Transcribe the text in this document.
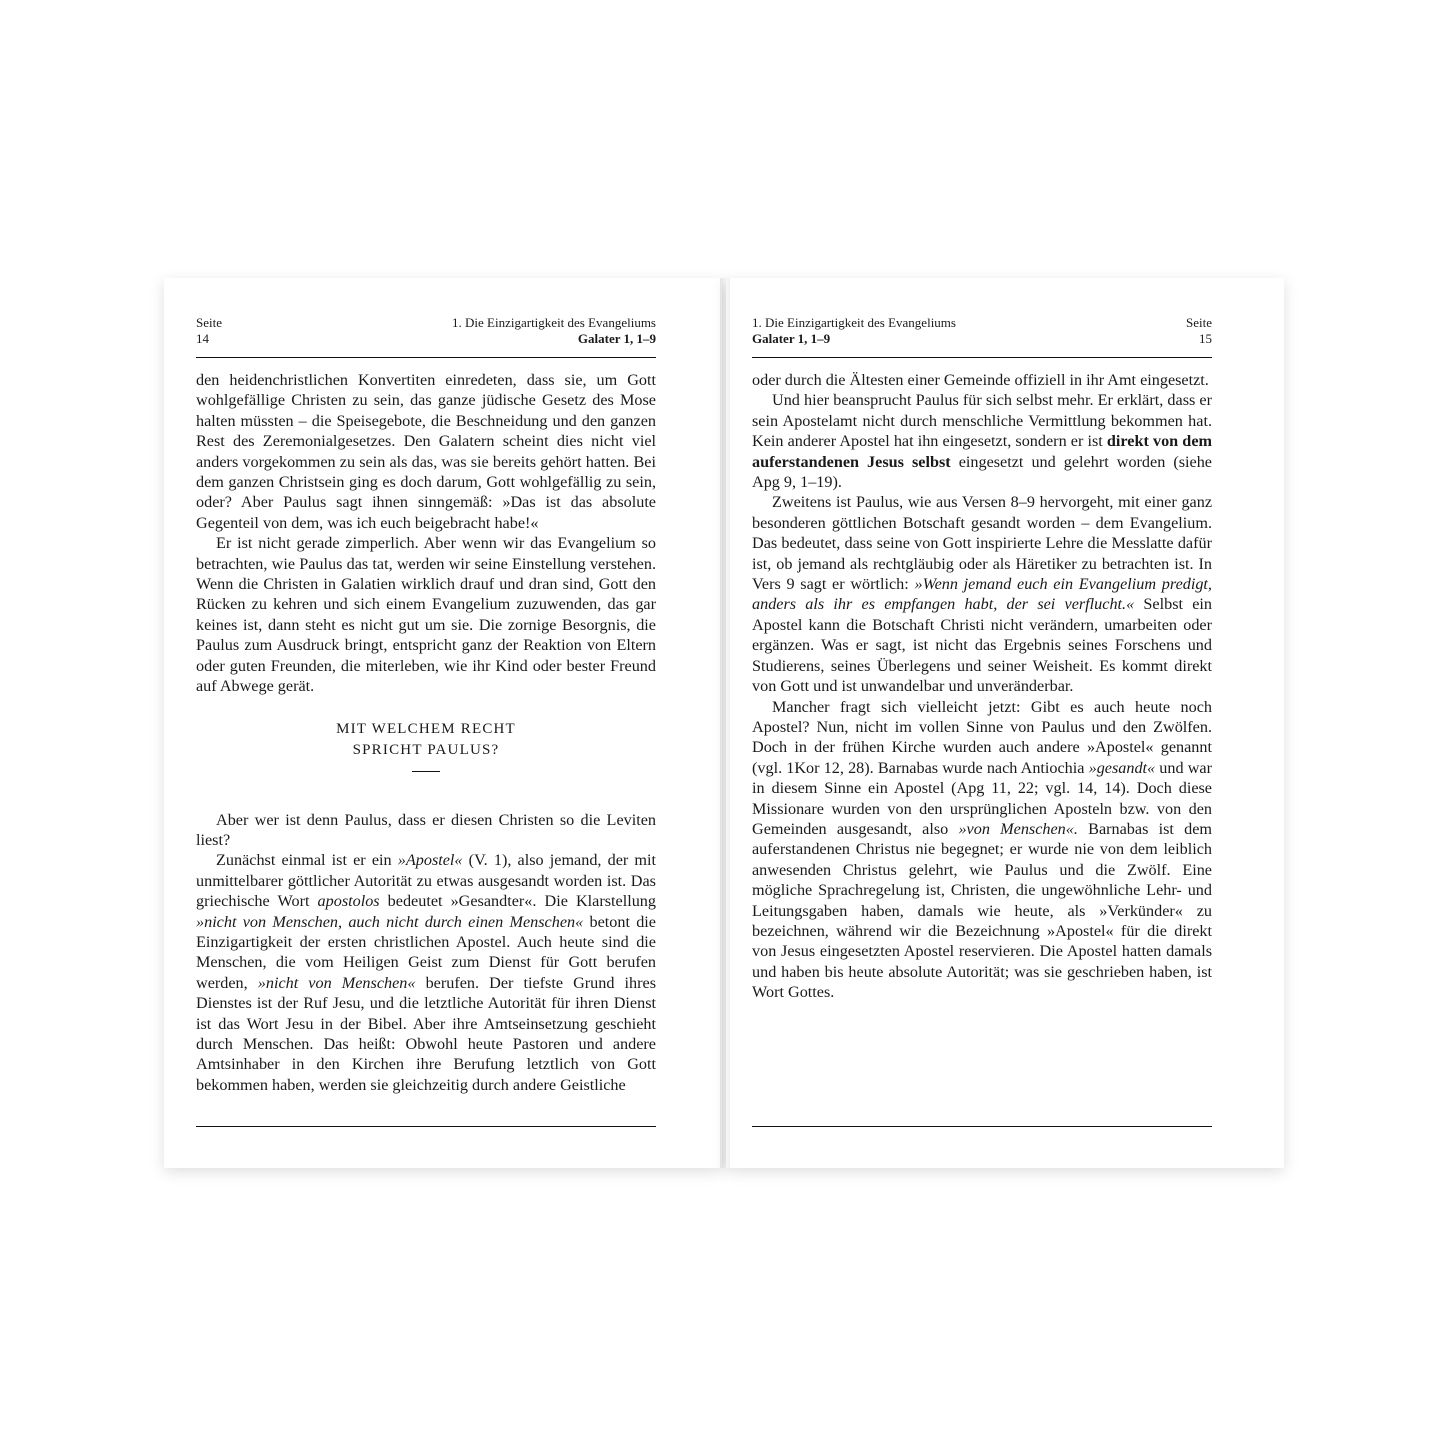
Seite
14
1. Die Einzigartigkeit des Evangeliums
Galater 1, 1–9

den heidenchristlichen Konvertiten einredeten, dass sie, um Gott wohlgefällige Christen zu sein, das ganze jüdische Gesetz des Mose halten müssten – die Speisegebote, die Beschneidung und den ganzen Rest des Zeremonialgesetzes. Den Galatern scheint dies nicht viel anders vorgekommen zu sein als das, was sie bereits gehört hatten. Bei dem ganzen Christsein ging es doch darum, Gott wohlgefällig zu sein, oder? Aber Paulus sagt ihnen sinngemäß: »Das ist das absolute Gegenteil von dem, was ich euch beigebracht habe!«

Er ist nicht gerade zimperlich. Aber wenn wir das Evangelium so betrachten, wie Paulus das tat, werden wir seine Einstellung verstehen. Wenn die Christen in Galatien wirklich drauf und dran sind, Gott den Rücken zu kehren und sich einem Evangelium zuzuwenden, das gar keines ist, dann steht es nicht gut um sie. Die zornige Besorgnis, die Paulus zum Ausdruck bringt, entspricht ganz der Reaktion von Eltern oder guten Freunden, die miterleben, wie ihr Kind oder bester Freund auf Abwege gerät.

MIT WELCHEM RECHT
SPRICHT PAULUS?

Aber wer ist denn Paulus, dass er diesen Christen so die Leviten liest?

Zunächst einmal ist er ein »Apostel« (V. 1), also jemand, der mit unmittelbarer göttlicher Autorität zu etwas ausgesandt worden ist. Das griechische Wort apostolos bedeutet »Gesandter«. Die Klarstellung »nicht von Menschen, auch nicht durch einen Menschen« betont die Einzigartigkeit der ersten christlichen Apostel. Auch heute sind die Menschen, die vom Heiligen Geist zum Dienst für Gott berufen werden, »nicht von Menschen« berufen. Der tiefste Grund ihres Dienstes ist der Ruf Jesu, und die letztliche Autorität für ihren Dienst ist das Wort Jesu in der Bibel. Aber ihre Amtseinsetzung geschieht durch Menschen. Das heißt: Obwohl heute Pastoren und andere Amtsinhaber in den Kirchen ihre Berufung letztlich von Gott bekommen haben, werden sie gleichzeitig durch andere Geistliche

1. Die Einzigartigkeit des Evangeliums
Galater 1, 1–9
Seite
15

oder durch die Ältesten einer Gemeinde offiziell in ihr Amt eingesetzt.

Und hier beansprucht Paulus für sich selbst mehr. Er erklärt, dass er sein Apostelamt nicht durch menschliche Vermittlung bekommen hat. Kein anderer Apostel hat ihn eingesetzt, sondern er ist direkt von dem auferstandenen Jesus selbst eingesetzt und gelehrt worden (siehe Apg 9, 1–19).

Zweitens ist Paulus, wie aus Versen 8–9 hervorgeht, mit einer ganz besonderen göttlichen Botschaft gesandt worden – dem Evangelium. Das bedeutet, dass seine von Gott inspirierte Lehre die Messlatte dafür ist, ob jemand als rechtgläubig oder als Häretiker zu betrachten ist. In Vers 9 sagt er wörtlich: »Wenn jemand euch ein Evangelium predigt, anders als ihr es empfangen habt, der sei verflucht.« Selbst ein Apostel kann die Botschaft Christi nicht verändern, umarbeiten oder ergänzen. Was er sagt, ist nicht das Ergebnis seines Forschens und Studierens, seines Überlegens und seiner Weisheit. Es kommt direkt von Gott und ist unwandelbar und unveränderbar.

Mancher fragt sich vielleicht jetzt: Gibt es auch heute noch Apostel? Nun, nicht im vollen Sinne von Paulus und den Zwölfen. Doch in der frühen Kirche wurden auch andere »Apostel« genannt (vgl. 1Kor 12, 28). Barnabas wurde nach Antiochia »gesandt« und war in diesem Sinne ein Apostel (Apg 11, 22; vgl. 14, 14). Doch diese Missionare wurden von den ursprünglichen Aposteln bzw. von den Gemeinden ausgesandt, also »von Menschen«. Barnabas ist dem auferstandenen Christus nie begegnet; er wurde nie von dem leiblich anwesenden Christus gelehrt, wie Paulus und die Zwölf. Eine mögliche Sprachregelung ist, Christen, die ungewöhnliche Lehr- und Leitungsgaben haben, damals wie heute, als »Verkünder« zu bezeichnen, während wir die Bezeichnung »Apostel« für die direkt von Jesus eingesetzten Apostel reservieren. Die Apostel hatten damals und haben bis heute absolute Autorität; was sie geschrieben haben, ist Wort Gottes.
